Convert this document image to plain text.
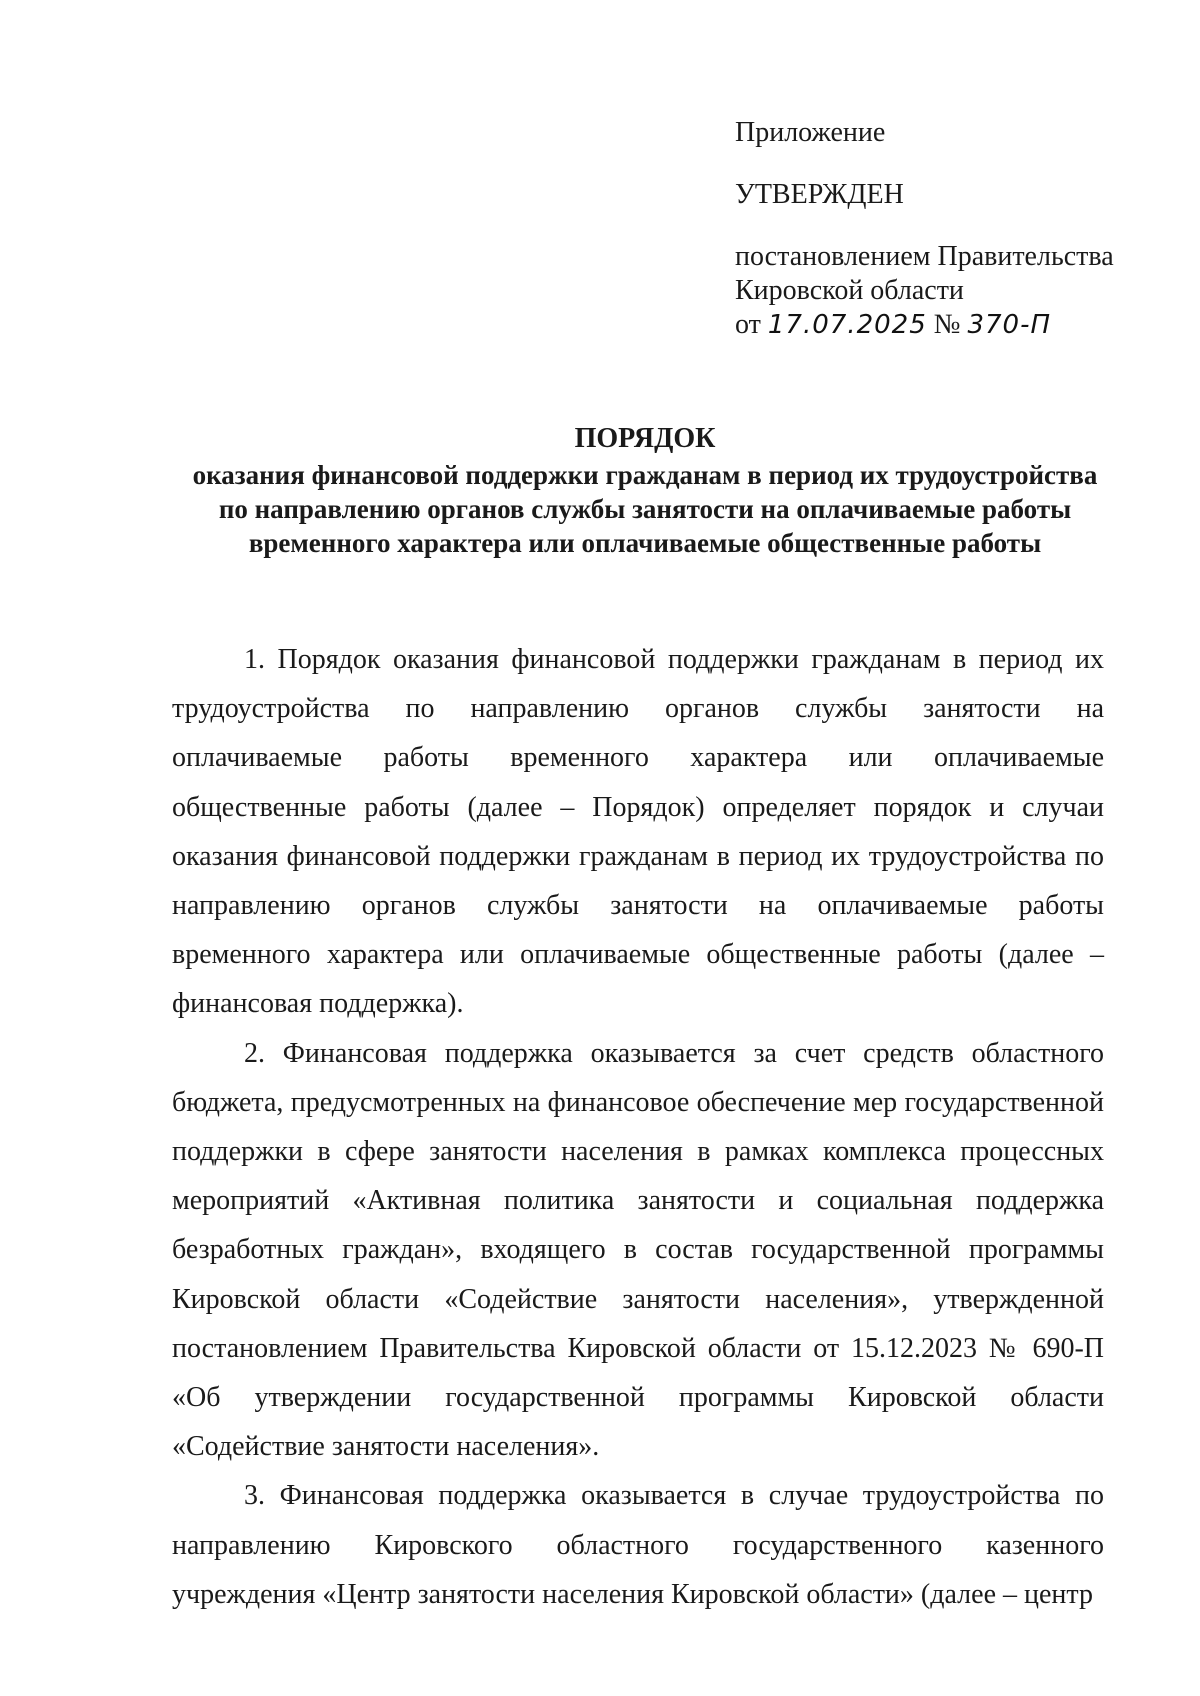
Приложение
УТВЕРЖДЕН
постановлением Правительства
Кировской области
от 17.07.2025 № 370-П
ПОРЯДОК
оказания финансовой поддержки гражданам в период их трудоустройства по направлению органов службы занятости на оплачиваемые работы временного характера или оплачиваемые общественные работы

1. Порядок оказания финансовой поддержки гражданам в период их трудоустройства по направлению органов службы занятости на оплачиваемые работы временного характера или оплачиваемые общественные работы (далее – Порядок) определяет порядок и случаи оказания финансовой поддержки гражданам в период их трудоустройства по направлению органов службы занятости на оплачиваемые работы временного характера или оплачиваемые общественные работы (далее – финансовая поддержка).

2. Финансовая поддержка оказывается за счет средств областного бюджета, предусмотренных на финансовое обеспечение мер государственной поддержки в сфере занятости населения в рамках комплекса процессных мероприятий «Активная политика занятости и социальная поддержка безработных граждан», входящего в состав государственной программы Кировской области «Содействие занятости населения», утвержденной постановлением Правительства Кировской области от 15.12.2023 № 690-П «Об утверждении государственной программы Кировской области «Содействие занятости населения».

3. Финансовая поддержка оказывается в случае трудоустройства по направлению Кировского областного государственного казенного учреждения «Центр занятости населения Кировской области» (далее – центр
